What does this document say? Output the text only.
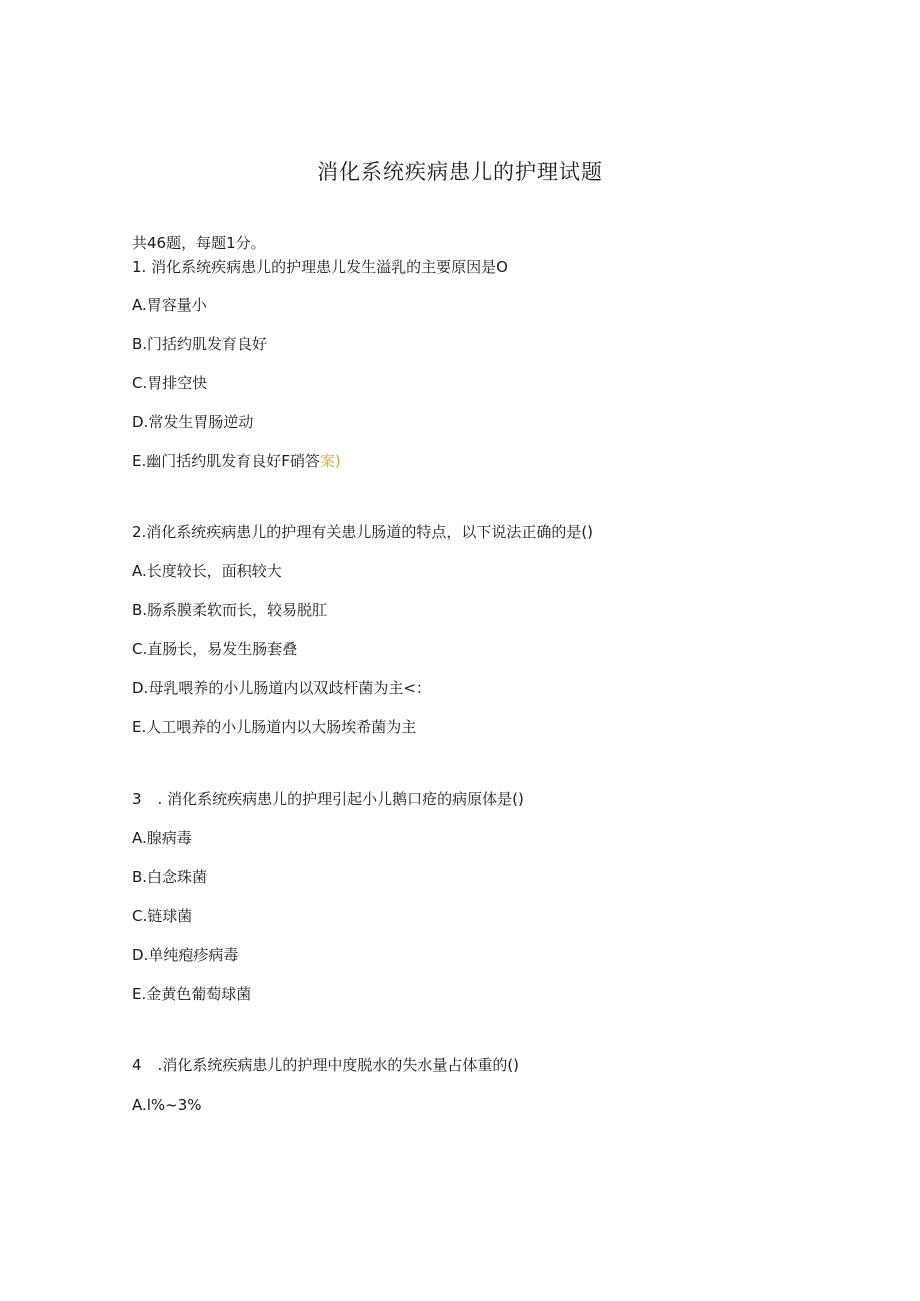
消化系统疾病患儿的护理试题
共46题，每题1分。
1. 消化系统疾病患儿的护理患儿发生溢乳的主要原因是O
A.胃容量小
B.门括约肌发育良好
C.胃排空快
D.常发生胃肠逆动
E.幽门括约肌发育良好F硝答案)
2.消化系统疾病患儿的护理有关患儿肠道的特点，以下说法正确的是()
A.长度较长，面积较大
B.肠系膜柔软而长，较易脱肛
C.直肠长，易发生肠套叠
D.母乳喂养的小儿肠道内以双歧杆菌为主<：
E.人工喂养的小儿肠道内以大肠埃希菌为主
3 . 消化系统疾病患儿的护理引起小儿鹅口疮的病原体是()
A.腺病毒
B.白念珠菌
C.链球菌
D.单纯疱疹病毒
E.金黄色葡萄球菌
4 .消化系统疾病患儿的护理中度脱水的失水量占体重的()
A.l%~3%
